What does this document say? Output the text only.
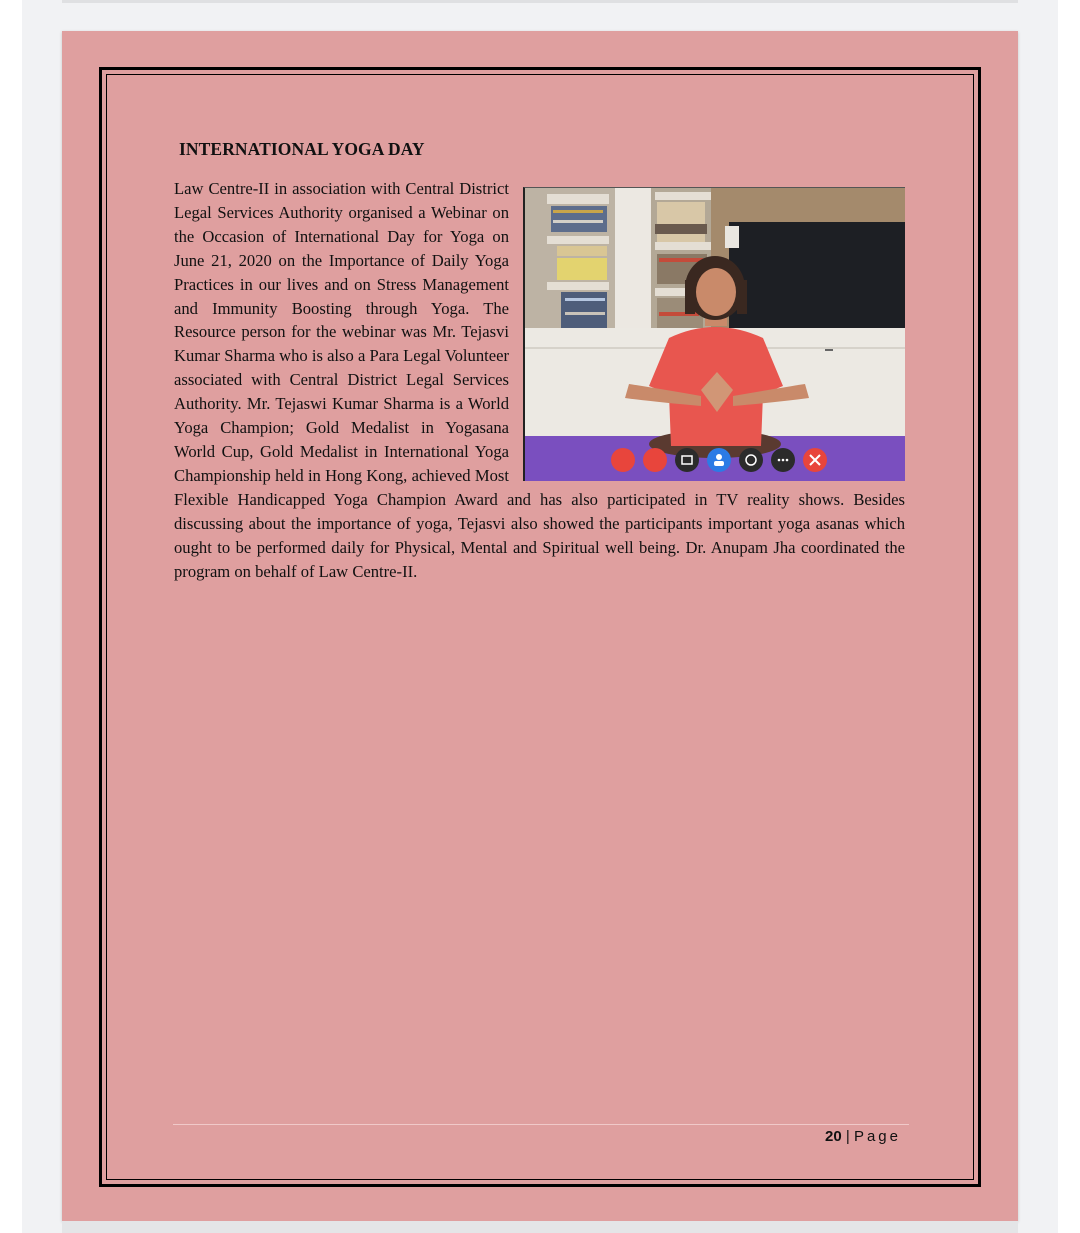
INTERNATIONAL YOGA DAY

Law Centre-II in association with Central District Legal Services Authority organised a Webinar on the Occasion of International Day for Yoga on June 21, 2020 on the Importance of Daily Yoga Practices in our lives and on Stress Management and Immunity Boosting through Yoga. The Resource person for the webinar was Mr. Tejasvi Kumar Sharma who is also a Para Legal Volunteer associated with Central District Legal Services Authority. Mr. Tejaswi Kumar Sharma is a World Yoga Champion; Gold Medalist in Yogasana World Cup, Gold Medalist in International Yoga Championship held in Hong Kong, achieved Most Flexible Handicapped Yoga Champion Award and has also participated in TV reality shows. Besides discussing about the importance of yoga, Tejasvi also showed the participants important yoga asanas which ought to be performed daily for Physical, Mental and Spiritual well being. Dr. Anupam Jha coordinated the program on behalf of Law Centre-II.

20 | Page
